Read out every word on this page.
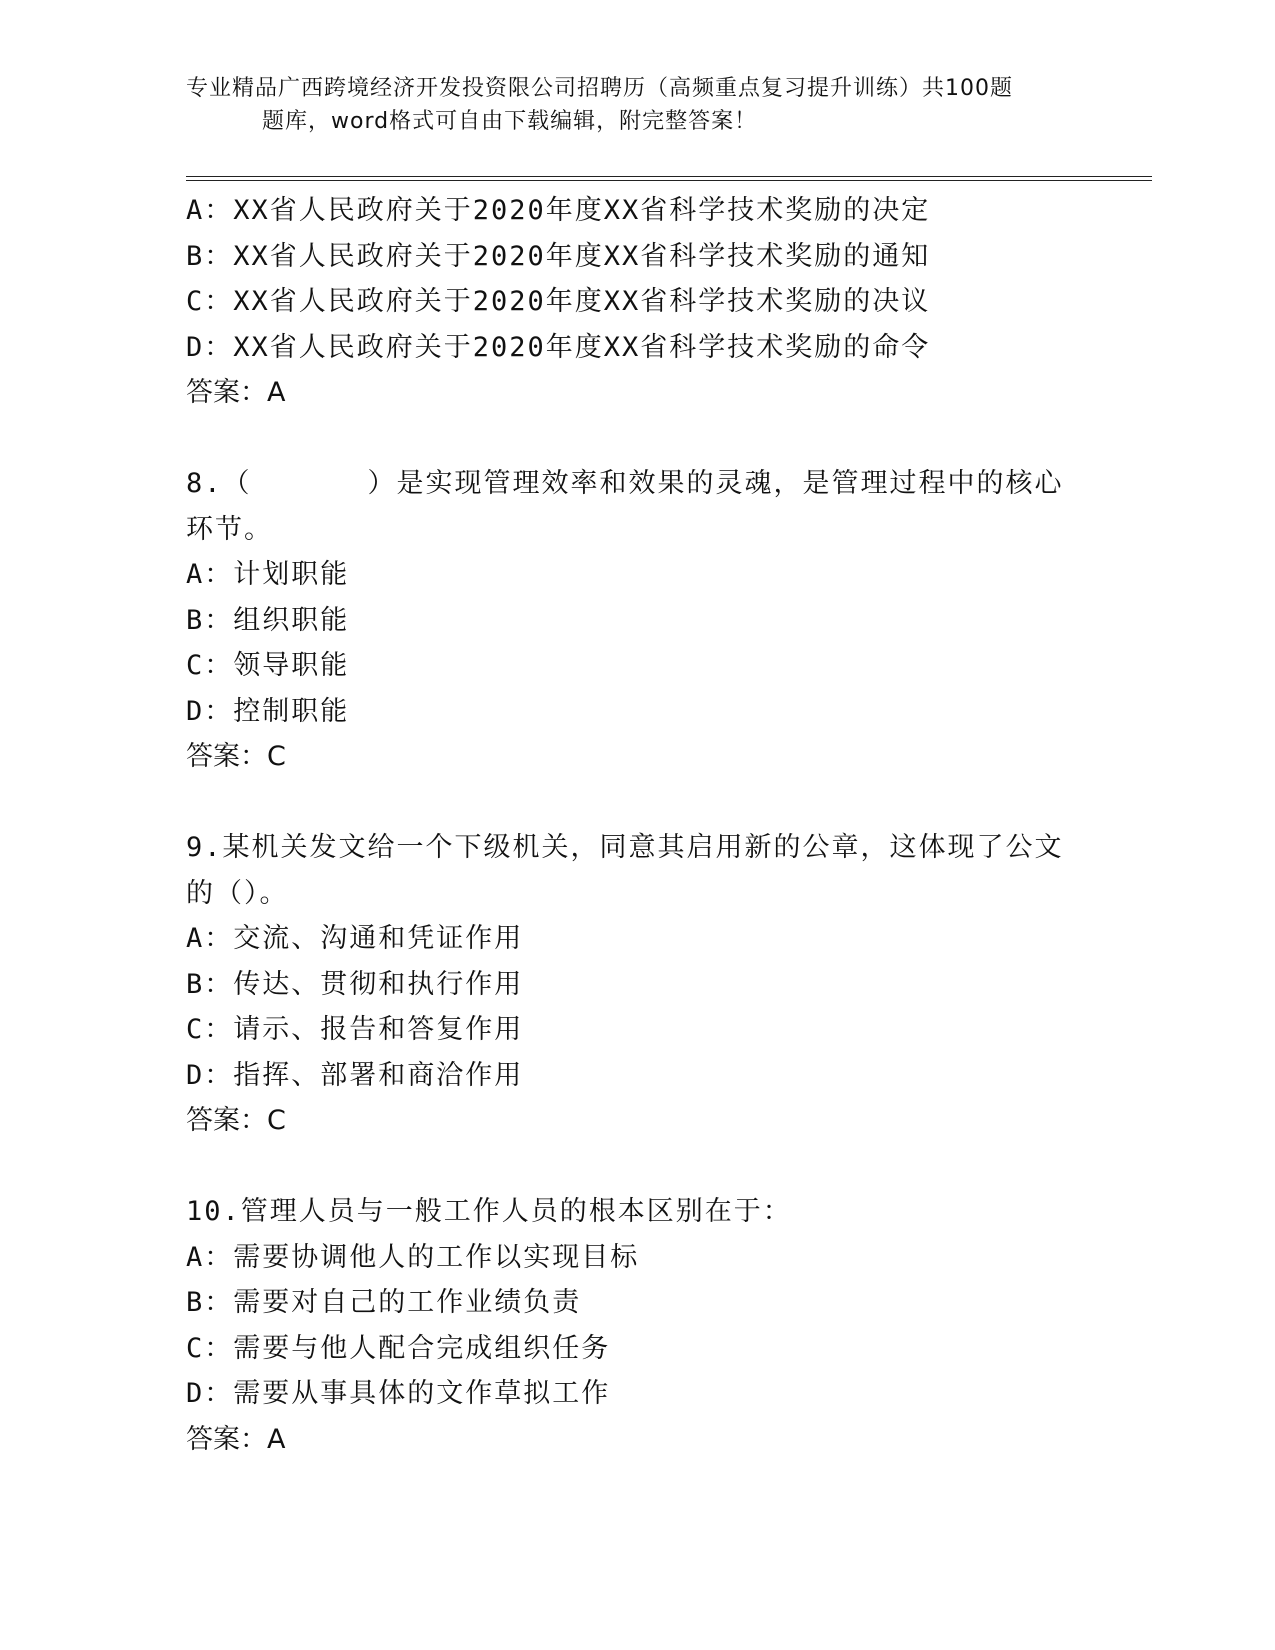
专业精品广西跨境经济开发投资限公司招聘历（高频重点复习提升训练）共100题
题库，word格式可自由下载编辑，附完整答案！
A：XX省人民政府关于2020年度XX省科学技术奖励的决定
B：XX省人民政府关于2020年度XX省科学技术奖励的通知
C：XX省人民政府关于2020年度XX省科学技术奖励的决议
D：XX省人民政府关于2020年度XX省科学技术奖励的命令
答案：A
8.（　　　　）是实现管理效率和效果的灵魂，是管理过程中的核心
环节。
A：计划职能
B：组织职能
C：领导职能
D：控制职能
答案：C
9.某机关发文给一个下级机关，同意其启用新的公章，这体现了公文
的（）。
A：交流、沟通和凭证作用
B：传达、贯彻和执行作用
C：请示、报告和答复作用
D：指挥、部署和商洽作用
答案：C
10.管理人员与一般工作人员的根本区别在于：
A：需要协调他人的工作以实现目标
B：需要对自己的工作业绩负责
C：需要与他人配合完成组织任务
D：需要从事具体的文作草拟工作
答案：A
